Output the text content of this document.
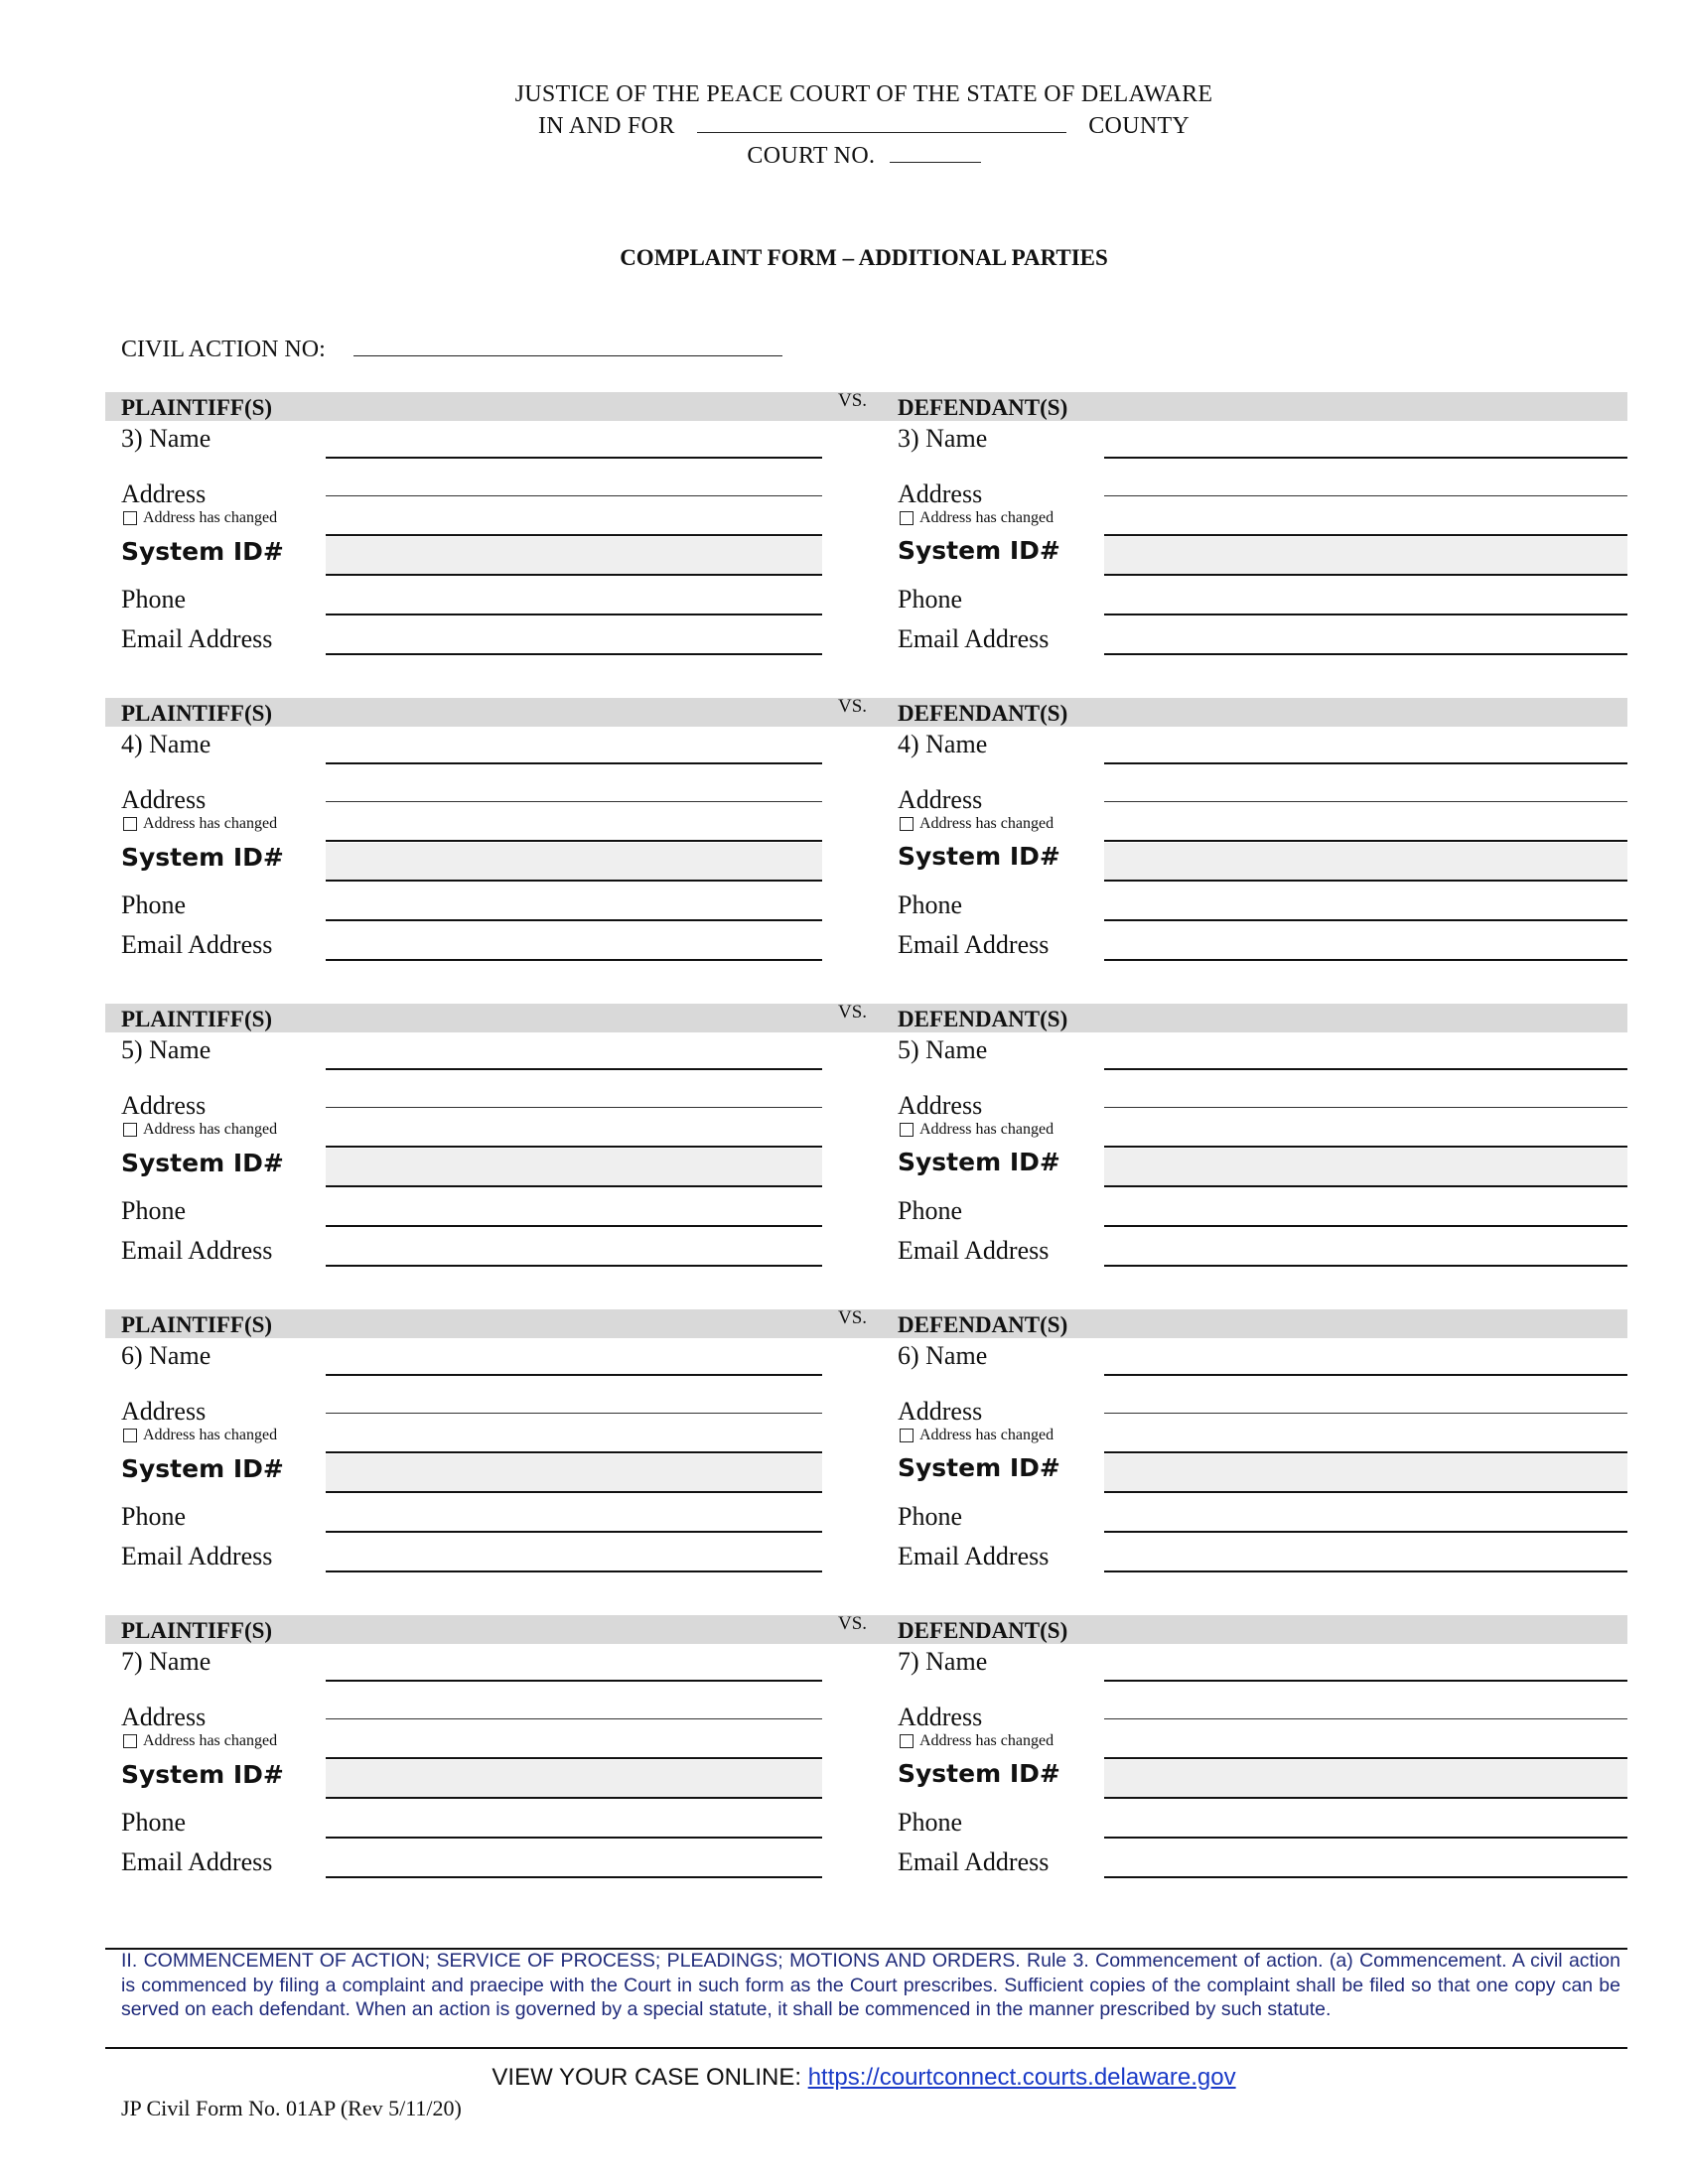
JUSTICE OF THE PEACE COURT OF THE STATE OF DELAWARE
IN AND FOR	COUNTY
COURT NO.
COMPLAINT FORM – ADDITIONAL PARTIES
CIVIL ACTION NO:
PLAINTIFF(S)	VS. DEFENDANT(S)
3) Name
Address
Address has changed
System ID#
Phone
Email Address
3) Name
Address
Address has changed
System ID#
Phone
Email Address
PLAINTIFF(S)	VS. DEFENDANT(S)
4) Name
Address
Address has changed
System ID#
Phone
Email Address
4) Name
Address
Address has changed
System ID#
Phone
Email Address
PLAINTIFF(S)	VS. DEFENDANT(S)
5) Name
Address
Address has changed
System ID#
Phone
Email Address
5) Name
Address
Address has changed
System ID#
Phone
Email Address
PLAINTIFF(S)	VS. DEFENDANT(S)
6) Name
Address
Address has changed
System ID#
Phone
Email Address
6) Name
Address
Address has changed
System ID#
Phone
Email Address
PLAINTIFF(S)	VS. DEFENDANT(S)
7) Name
Address
Address has changed
System ID#
Phone
Email Address
7) Name
Address
Address has changed
System ID#
Phone
Email Address
II. COMMENCEMENT OF ACTION; SERVICE OF PROCESS; PLEADINGS; MOTIONS AND ORDERS. Rule 3. Commencement of action. (a) Commencement. A civil action is commenced by filing a complaint and praecipe with the Court in such form as the Court prescribes. Sufficient copies of the complaint shall be filed so that one copy can be served on each defendant. When an action is governed by a special statute, it shall be commenced in the manner prescribed by such statute.
VIEW YOUR CASE ONLINE: https://courtconnect.courts.delaware.gov
JP Civil Form No. 01AP (Rev 5/11/20)
